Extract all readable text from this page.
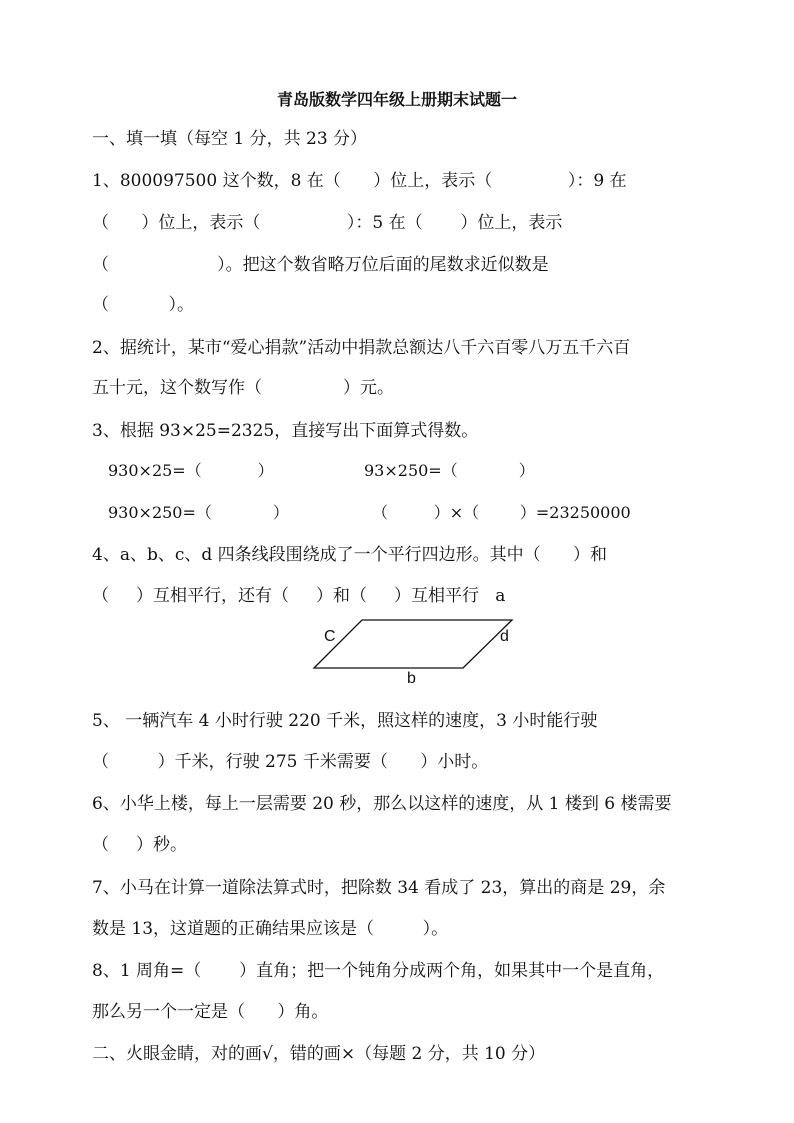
青岛版数学四年级上册期末试题一
一、填一填（每空 1 分，共 23 分）
1、800097500 这个数，8 在（      ）位上，表示（              ）：9 在
（      ）位上，表示（                ）：5 在（       ）位上，表示
（                    ）。把这个数省略万位后面的尾数求近似数是
（           ）。
2、据统计，某市“爱心捐款”活动中捐款总额达八千六百零八万五千六百
五十元，这个数写作（               ）元。
3、根据 93×25=2325，直接写出下面算式得数。
930×25=（           ）	93×250=（            ）
930×250=（            ）	（         ）×（        ）=23250000
4、a、b、c、d 四条线段围绕成了一个平行四边形。其中（      ）和
（     ）互相平行，还有（     ）和（     ）互相平行   a
C	d
b
5、 一辆汽车 4 小时行驶 220 千米，照这样的速度，3 小时能行驶
（         ）千米，行驶 275 千米需要（      ）小时。
6、小华上楼，每上一层需要 20 秒，那么以这样的速度，从 1 楼到 6 楼需要
（     ）秒。
7、小马在计算一道除法算式时，把除数 34 看成了 23，算出的商是 29，余
数是 13，这道题的正确结果应该是（         ）。
8、1 周角=（       ）直角；把一个钝角分成两个角，如果其中一个是直角，
那么另一个一定是（      ）角。
二、火眼金睛，对的画√，错的画×（每题 2 分，共 10 分）
